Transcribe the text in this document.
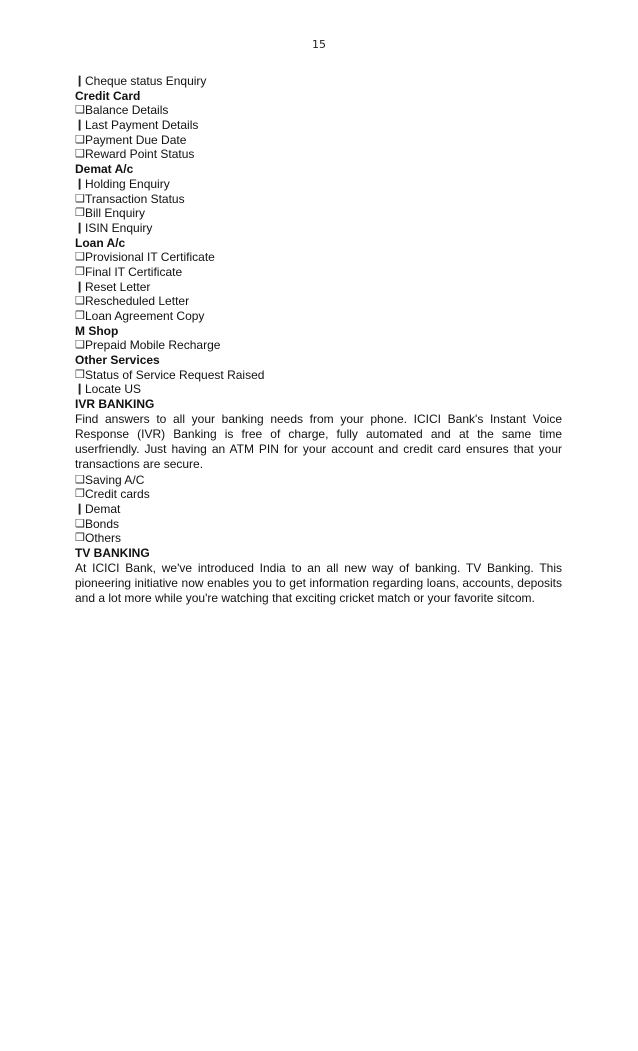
15
❙ Cheque status Enquiry
Credit Card
❑ Balance Details
❙ Last Payment Details
❏ Payment Due Date
❑ Reward Point Status
Demat A/c
❙ Holding Enquiry
❏ Transaction Status
❒ Bill Enquiry
❙ ISIN Enquiry
Loan A/c
❑ Provisional IT Certificate
❒ Final IT Certificate
❙ Reset Letter
❑ Rescheduled Letter
❒ Loan Agreement Copy
M Shop
❏ Prepaid Mobile Recharge
Other Services
❒ Status of Service Request Raised
❙ Locate US
IVR BANKING
Find answers to all your banking needs from your phone. ICICI Bank's Instant Voice
Response (IVR) Banking is free of charge, fully automated and at the same time
userfriendly. Just having an ATM PIN for your account and credit card ensures that your
transactions are secure.
❑ Saving A/C
❒ Credit cards
❙ Demat
❏ Bonds
❒ Others
TV BANKING
At ICICI Bank, we've introduced India to an all new way of banking. TV Banking. This
pioneering initiative now enables you to get information regarding loans, accounts, deposits
and a lot more while you're watching that exciting cricket match or your favorite sitcom.
